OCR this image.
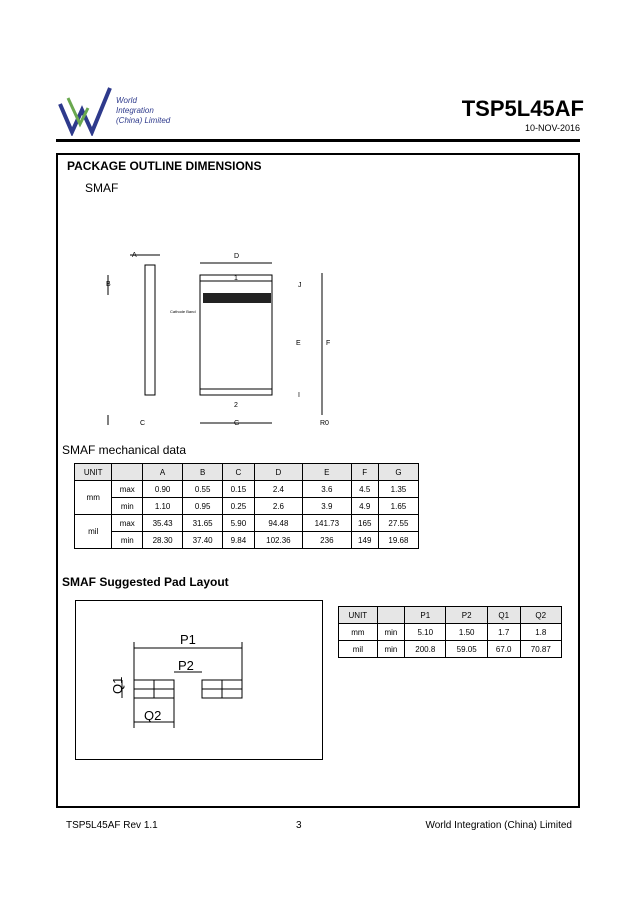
World
Integration
(China) Limited	TSP5L45AF
10-NOV-2016
PACKAGE OUTLINE DIMENSIONS
SMAF
A	D
B
1
J
Cathode Band
E	F
2
I
C	G	R0
SMAF mechanical data
UNIT		A	B	C	D	E	F	G
mm	max	0.90	0.55	0.15	2.4	3.6	4.5	1.35
	min	1.10	0.95	0.25	2.6	3.9	4.9	1.65
mil	max	35.43	31.65	5.90	94.48	141.73	165	27.55
	min	28.30	37.40	9.84	102.36	236	149	19.68
SMAF Suggested Pad Layout
P1
P2
Q1
Q2
UNIT		P1	P2	Q1	Q2
mm	min	5.10	1.50	1.7	1.8
mil	min	200.8	59.05	67.0	70.87
TSP5L45AF Rev 1.1	3	World Integration (China) Limited
